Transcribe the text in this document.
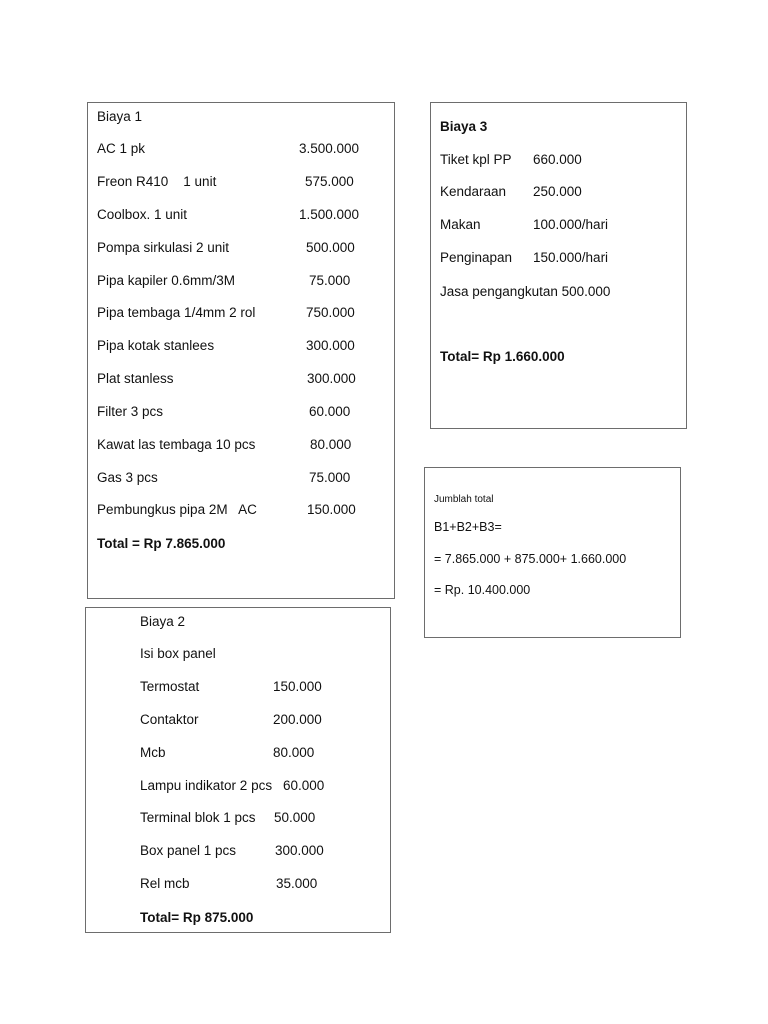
Biaya 1
AC 1 pk	3.500.000
Freon R410    1 unit	575.000
Coolbox. 1 unit	1.500.000
Pompa sirkulasi 2 unit	500.000
Pipa kapiler 0.6mm/3M	75.000
Pipa tembaga 1/4mm 2 rol	750.000
Pipa kotak stanlees	300.000
Plat stanless	300.000
Filter 3 pcs	60.000
Kawat las tembaga 10 pcs	80.000
Gas 3 pcs	75.000
Pembungkus pipa 2M   AC	150.000
Total = Rp 7.865.000
Biaya 2
Isi box panel
Termostat	150.000
Contaktor	200.000
Mcb	80.000
Lampu indikator 2 pcs 60.000
Terminal blok 1 pcs 50.000
Box panel 1 pcs	300.000
Rel mcb	35.000
Total= Rp 875.000
Biaya 3
Tiket kpl PP 660.000
Kendaraan 250.000
Makan	100.000/hari
Penginapan 150.000/hari
Jasa pengangkutan 500.000
Total= Rp 1.660.000
Jumblah total
B1+B2+B3=
= 7.865.000 + 875.000+ 1.660.000
= Rp. 10.400.000
